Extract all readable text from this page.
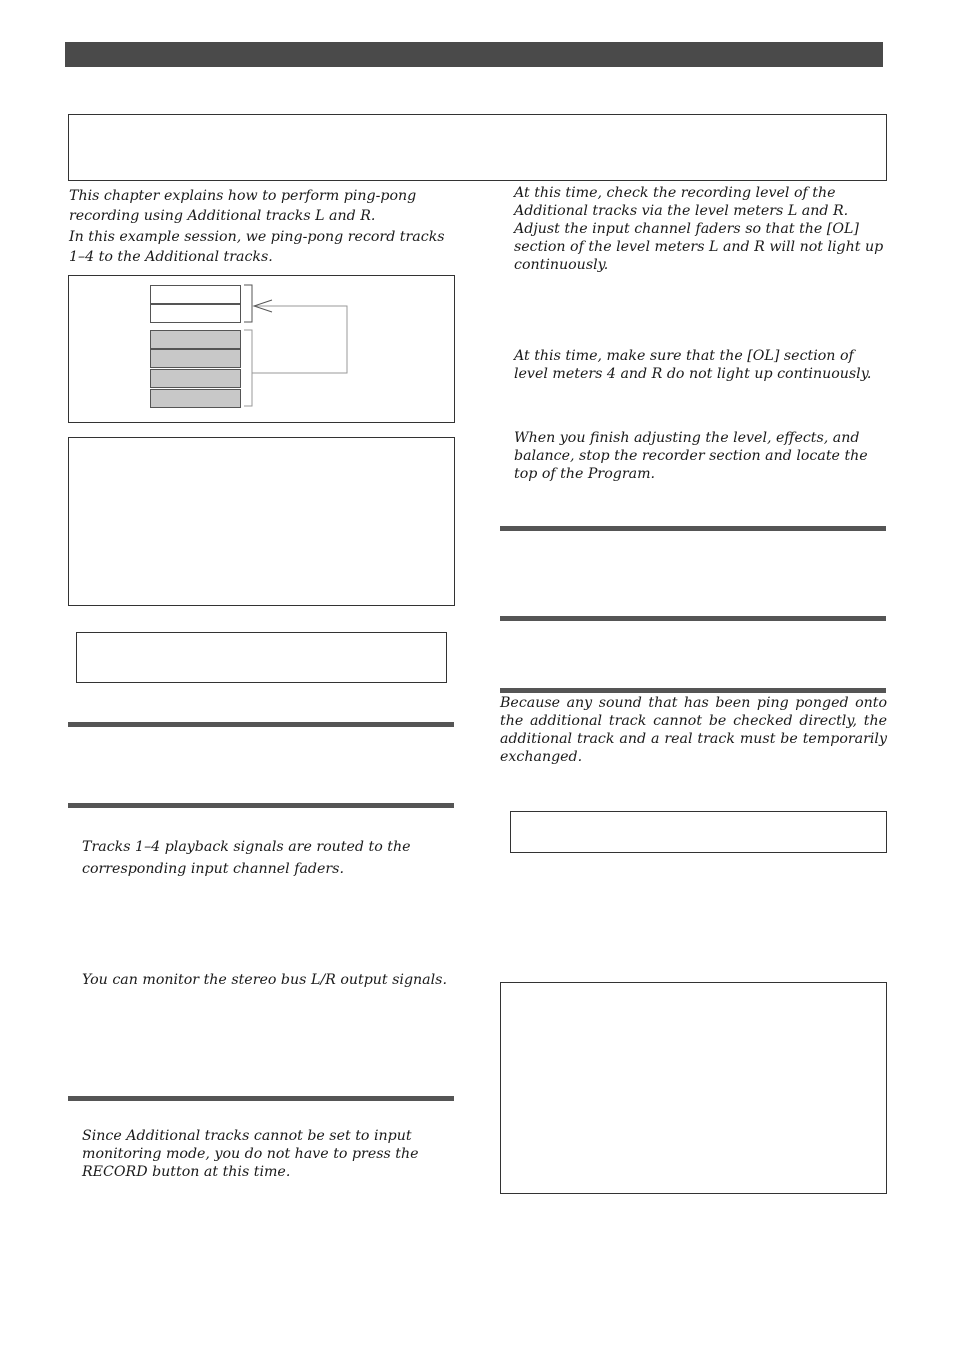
This chapter explains how to perform ping-pong recording using Additional tracks L and R.

In this example session, we ping-pong record tracks 1–4 to the Additional tracks.

Tracks 1–4 playback signals are routed to the corresponding input channel faders.

You can monitor the stereo bus L/R output signals.

Since Additional tracks cannot be set to input monitoring mode, you do not have to press the RECORD button at this time.

At this time, check the recording level of the Additional tracks via the level meters L and R. Adjust the input channel faders so that the [OL] section of the level meters L and R will not light up continuously.

At this time, make sure that the [OL] section of level meters 4 and R do not light up continuously.

When you finish adjusting the level, effects, and balance, stop the recorder section and locate the top of the Program.

Because any sound that has been ping ponged onto the additional track cannot be checked directly, the additional track and a real track must be temporarily exchanged.
